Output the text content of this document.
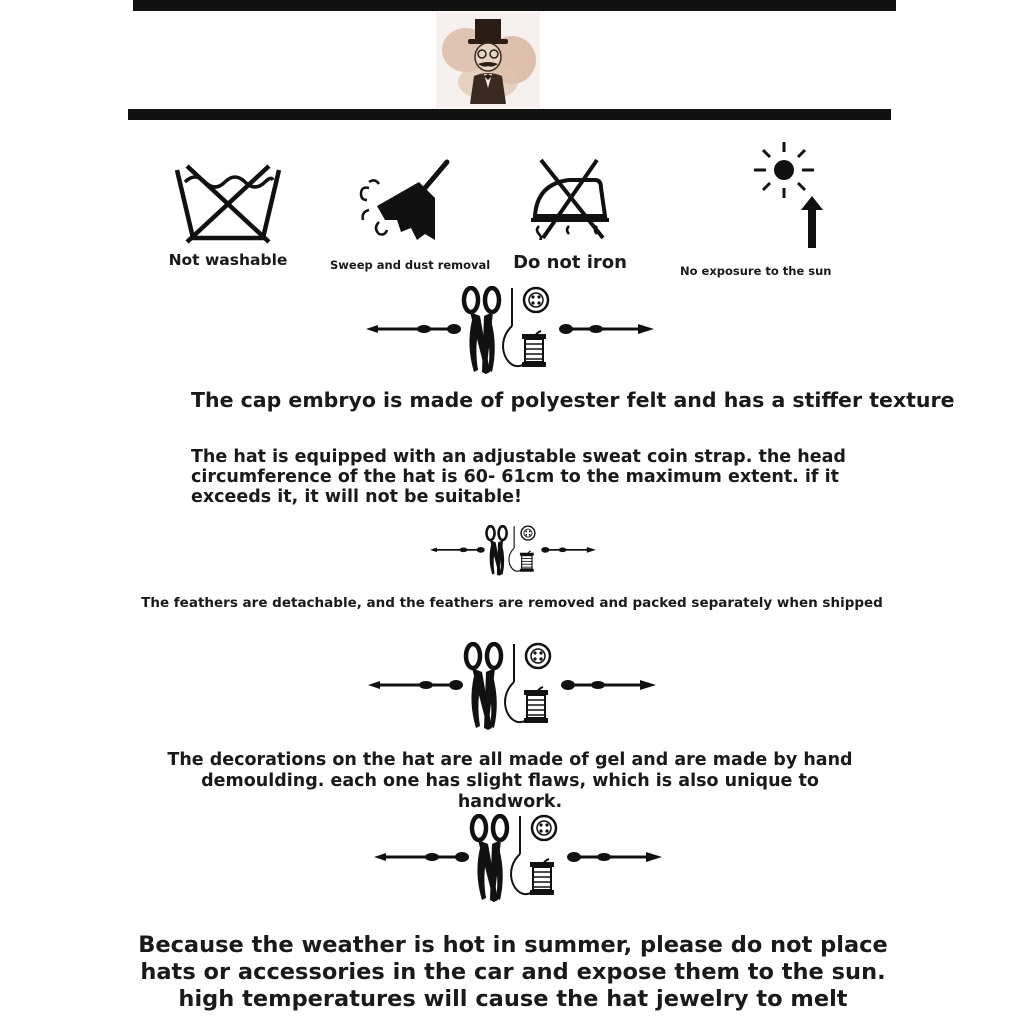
Not washable	Sweep and dust removal	Do not iron	No exposure to the sun

The cap embryo is made of polyester felt and has a stiffer texture

The hat is equipped with an adjustable sweat coin strap. the head circumference of the hat is 60- 61cm to the maximum extent. if it exceeds it, it will not be suitable!

The feathers are detachable, and the feathers are removed and packed separately when shipped

The decorations on the hat are all made of gel and are made by hand demoulding. each one has slight flaws, which is also unique to handwork.

Because the weather is hot in summer, please do not place hats or accessories in the car and expose them to the sun. high temperatures will cause the hat jewelry to melt
